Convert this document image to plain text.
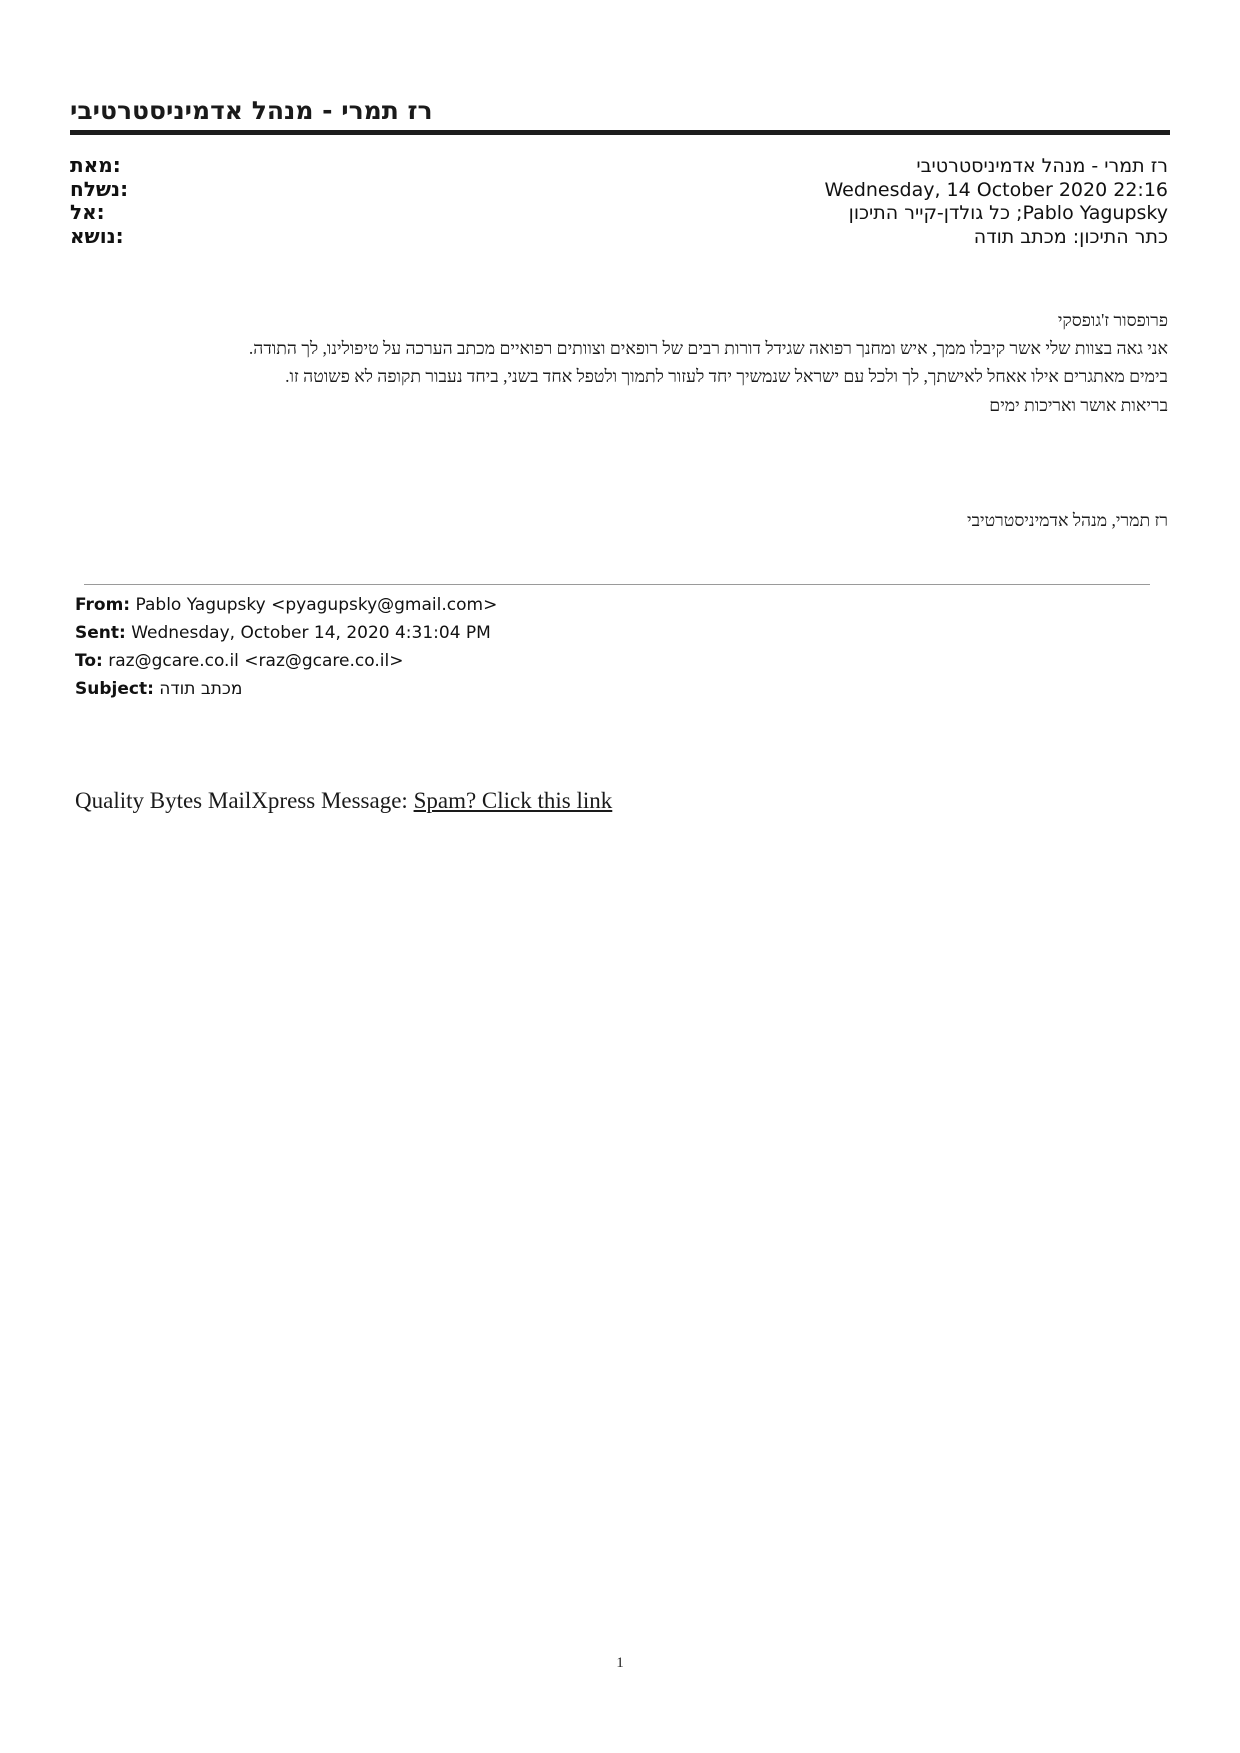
רז תמרי - מנהל אדמיניסטרטיבי
:מאת
:נשלח
:אל
:נושא
רז תמרי - מנהל אדמיניסטרטיבי
Wednesday, 14 October 2020 22:16
Pablo Yagupsky; כל גולדן-קייר התיכון
כתר התיכון: מכתב תודה

פרופסור ז'גופסקי

אני גאה בצוות שלי אשר קיבלו ממך, איש ומחנך רפואה שגידל דורות רבים של רופאים וצוותים רפואיים מכתב הערכה על טיפולינו, לך התודה.

בימים מאתגרים אילו אאחל לאישתך, לך ולכל עם ישראל שנמשיך יחד לעזור לתמוך ולטפל אחד בשני, ביחד נעבור תקופה לא פשוטה זו.

בריאות אושר ואריכות ימים

רז תמרי, מנהל אדמיניסטרטיבי
From: Pablo Yagupsky <pyagupsky@gmail.com>
Sent: Wednesday, October 14, 2020 4:31:04 PM
To: raz@gcare.co.il <raz@gcare.co.il>
Subject: מכתב תודה
Quality Bytes MailXpress Message: Spam? Click this link
1
